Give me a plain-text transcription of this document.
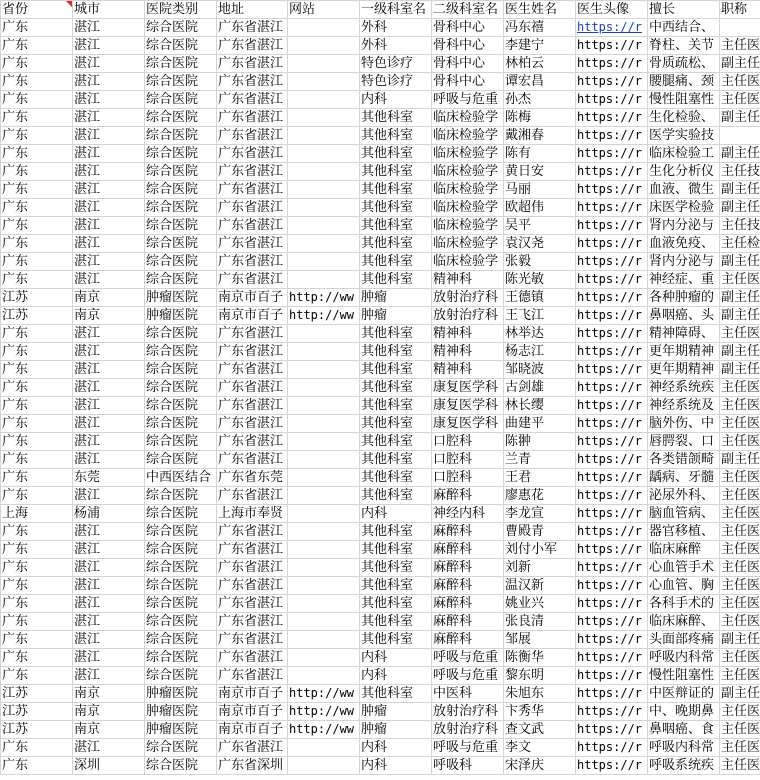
省份	城市	医院类别	地址	网站	一级科室名	二级科室名	医生姓名	医生头像	擅长	职称
广东	湛江	综合医院	广东省湛江		外科	骨科中心	冯东禧	https://r	中西结合、	
广东	湛江	综合医院	广东省湛江		外科	骨科中心	李建宁	https://r	脊柱、关节	主任医
广东	湛江	综合医院	广东省湛江		特色诊疗	骨科中心	林柏云	https://r	骨质疏松、	副主任
广东	湛江	综合医院	广东省湛江		特色诊疗	骨科中心	谭宏昌	https://r	腰腿痛、颈	主任医
广东	湛江	综合医院	广东省湛江		内科	呼吸与危重	孙杰	https://r	慢性阻塞性	主任医
广东	湛江	综合医院	广东省湛江		其他科室	临床检验学	陈梅	https://r	生化检验、	副主任
广东	湛江	综合医院	广东省湛江		其他科室	临床检验学	戴湘春	https://r	医学实验技	
广东	湛江	综合医院	广东省湛江		其他科室	临床检验学	陈有	https://r	临床检验工	副主任
广东	湛江	综合医院	广东省湛江		其他科室	临床检验学	黄日安	https://r	生化分析仪	主任技
广东	湛江	综合医院	广东省湛江		其他科室	临床检验学	马丽	https://r	血液、微生	副主任
广东	湛江	综合医院	广东省湛江		其他科室	临床检验学	欧超伟	https://r	床医学检验	副主任
广东	湛江	综合医院	广东省湛江		其他科室	临床检验学	吴平	https://r	肾内分泌与	主任技
广东	湛江	综合医院	广东省湛江		其他科室	临床检验学	袁汉尧	https://r	血液免疫、	主任检
广东	湛江	综合医院	广东省湛江		其他科室	临床检验学	张毅	https://r	肾内分泌与	副主任
广东	湛江	综合医院	广东省湛江		其他科室	精神科	陈光敏	https://r	神经症、重	主任医
江苏	南京	肿瘤医院	南京市百子	http://ww	肿瘤	放射治疗科	王德镇	https://r	各种肿瘤的	副主任
江苏	南京	肿瘤医院	南京市百子	http://ww	肿瘤	放射治疗科	王飞江	https://r	鼻咽癌、头	副主任
广东	湛江	综合医院	广东省湛江		其他科室	精神科	林举达	https://r	精神障碍、	主任医
广东	湛江	综合医院	广东省湛江		其他科室	精神科	杨志江	https://r	更年期精神	副主任
广东	湛江	综合医院	广东省湛江		其他科室	精神科	邹晓波	https://r	更年期精神	副主任
广东	湛江	综合医院	广东省湛江		其他科室	康复医学科	古剑雄	https://r	神经系统疾	主任医
广东	湛江	综合医院	广东省湛江		其他科室	康复医学科	林长缨	https://r	神经系统及	主任医
广东	湛江	综合医院	广东省湛江		其他科室	康复医学科	曲建平	https://r	脑外伤、中	主任医
广东	湛江	综合医院	广东省湛江		其他科室	口腔科	陈翀	https://r	唇腭裂、口	主任医
广东	湛江	综合医院	广东省湛江		其他科室	口腔科	兰青	https://r	各类错颌畸	副主任
广东	东莞	中西医结合	广东省东莞		其他科室	口腔科	王君	https://r	龋病、牙髓	主任医
广东	湛江	综合医院	广东省湛江		其他科室	麻醉科	廖惠花	https://r	泌尿外科、	主任医
上海	杨浦	综合医院	上海市奉贤		内科	神经内科	李龙宣	https://r	脑血管病、	主任医
广东	湛江	综合医院	广东省湛江		其他科室	麻醉科	曹殿青	https://r	器官移植、	主任医
广东	湛江	综合医院	广东省湛江		其他科室	麻醉科	刘付小军	https://r	临床麻醉	主任医
广东	湛江	综合医院	广东省湛江		其他科室	麻醉科	刘新	https://r	心血管手术	主任医
广东	湛江	综合医院	广东省湛江		其他科室	麻醉科	温汉新	https://r	心血管、胸	主任医
广东	湛江	综合医院	广东省湛江		其他科室	麻醉科	姚业兴	https://r	各科手术的	主任医
广东	湛江	综合医院	广东省湛江		其他科室	麻醉科	张良清	https://r	临床麻醉、	主任医
广东	湛江	综合医院	广东省湛江		其他科室	麻醉科	邹展	https://r	头面部疼痛	副主任
广东	湛江	综合医院	广东省湛江		内科	呼吸与危重	陈衡华	https://r	呼吸内科常	主任医
广东	湛江	综合医院	广东省湛江		内科	呼吸与危重	黎东明	https://r	慢性阻塞性	主任医
江苏	南京	肿瘤医院	南京市百子	http://ww	其他科室	中医科	朱旭东	https://r	中医辩证的	副主任
江苏	南京	肿瘤医院	南京市百子	http://ww	肿瘤	放射治疗科	卞秀华	https://r	中、晚期鼻	主任医
江苏	南京	肿瘤医院	南京市百子	http://ww	肿瘤	放射治疗科	查文武	https://r	鼻咽癌、食	主任医
广东	湛江	综合医院	广东省湛江		内科	呼吸与危重	李文	https://r	呼吸内科常	主任医
广东	深圳	综合医院	广东省深圳		内科	呼吸科	宋泽庆	https://r	呼吸系统疾	主任医
